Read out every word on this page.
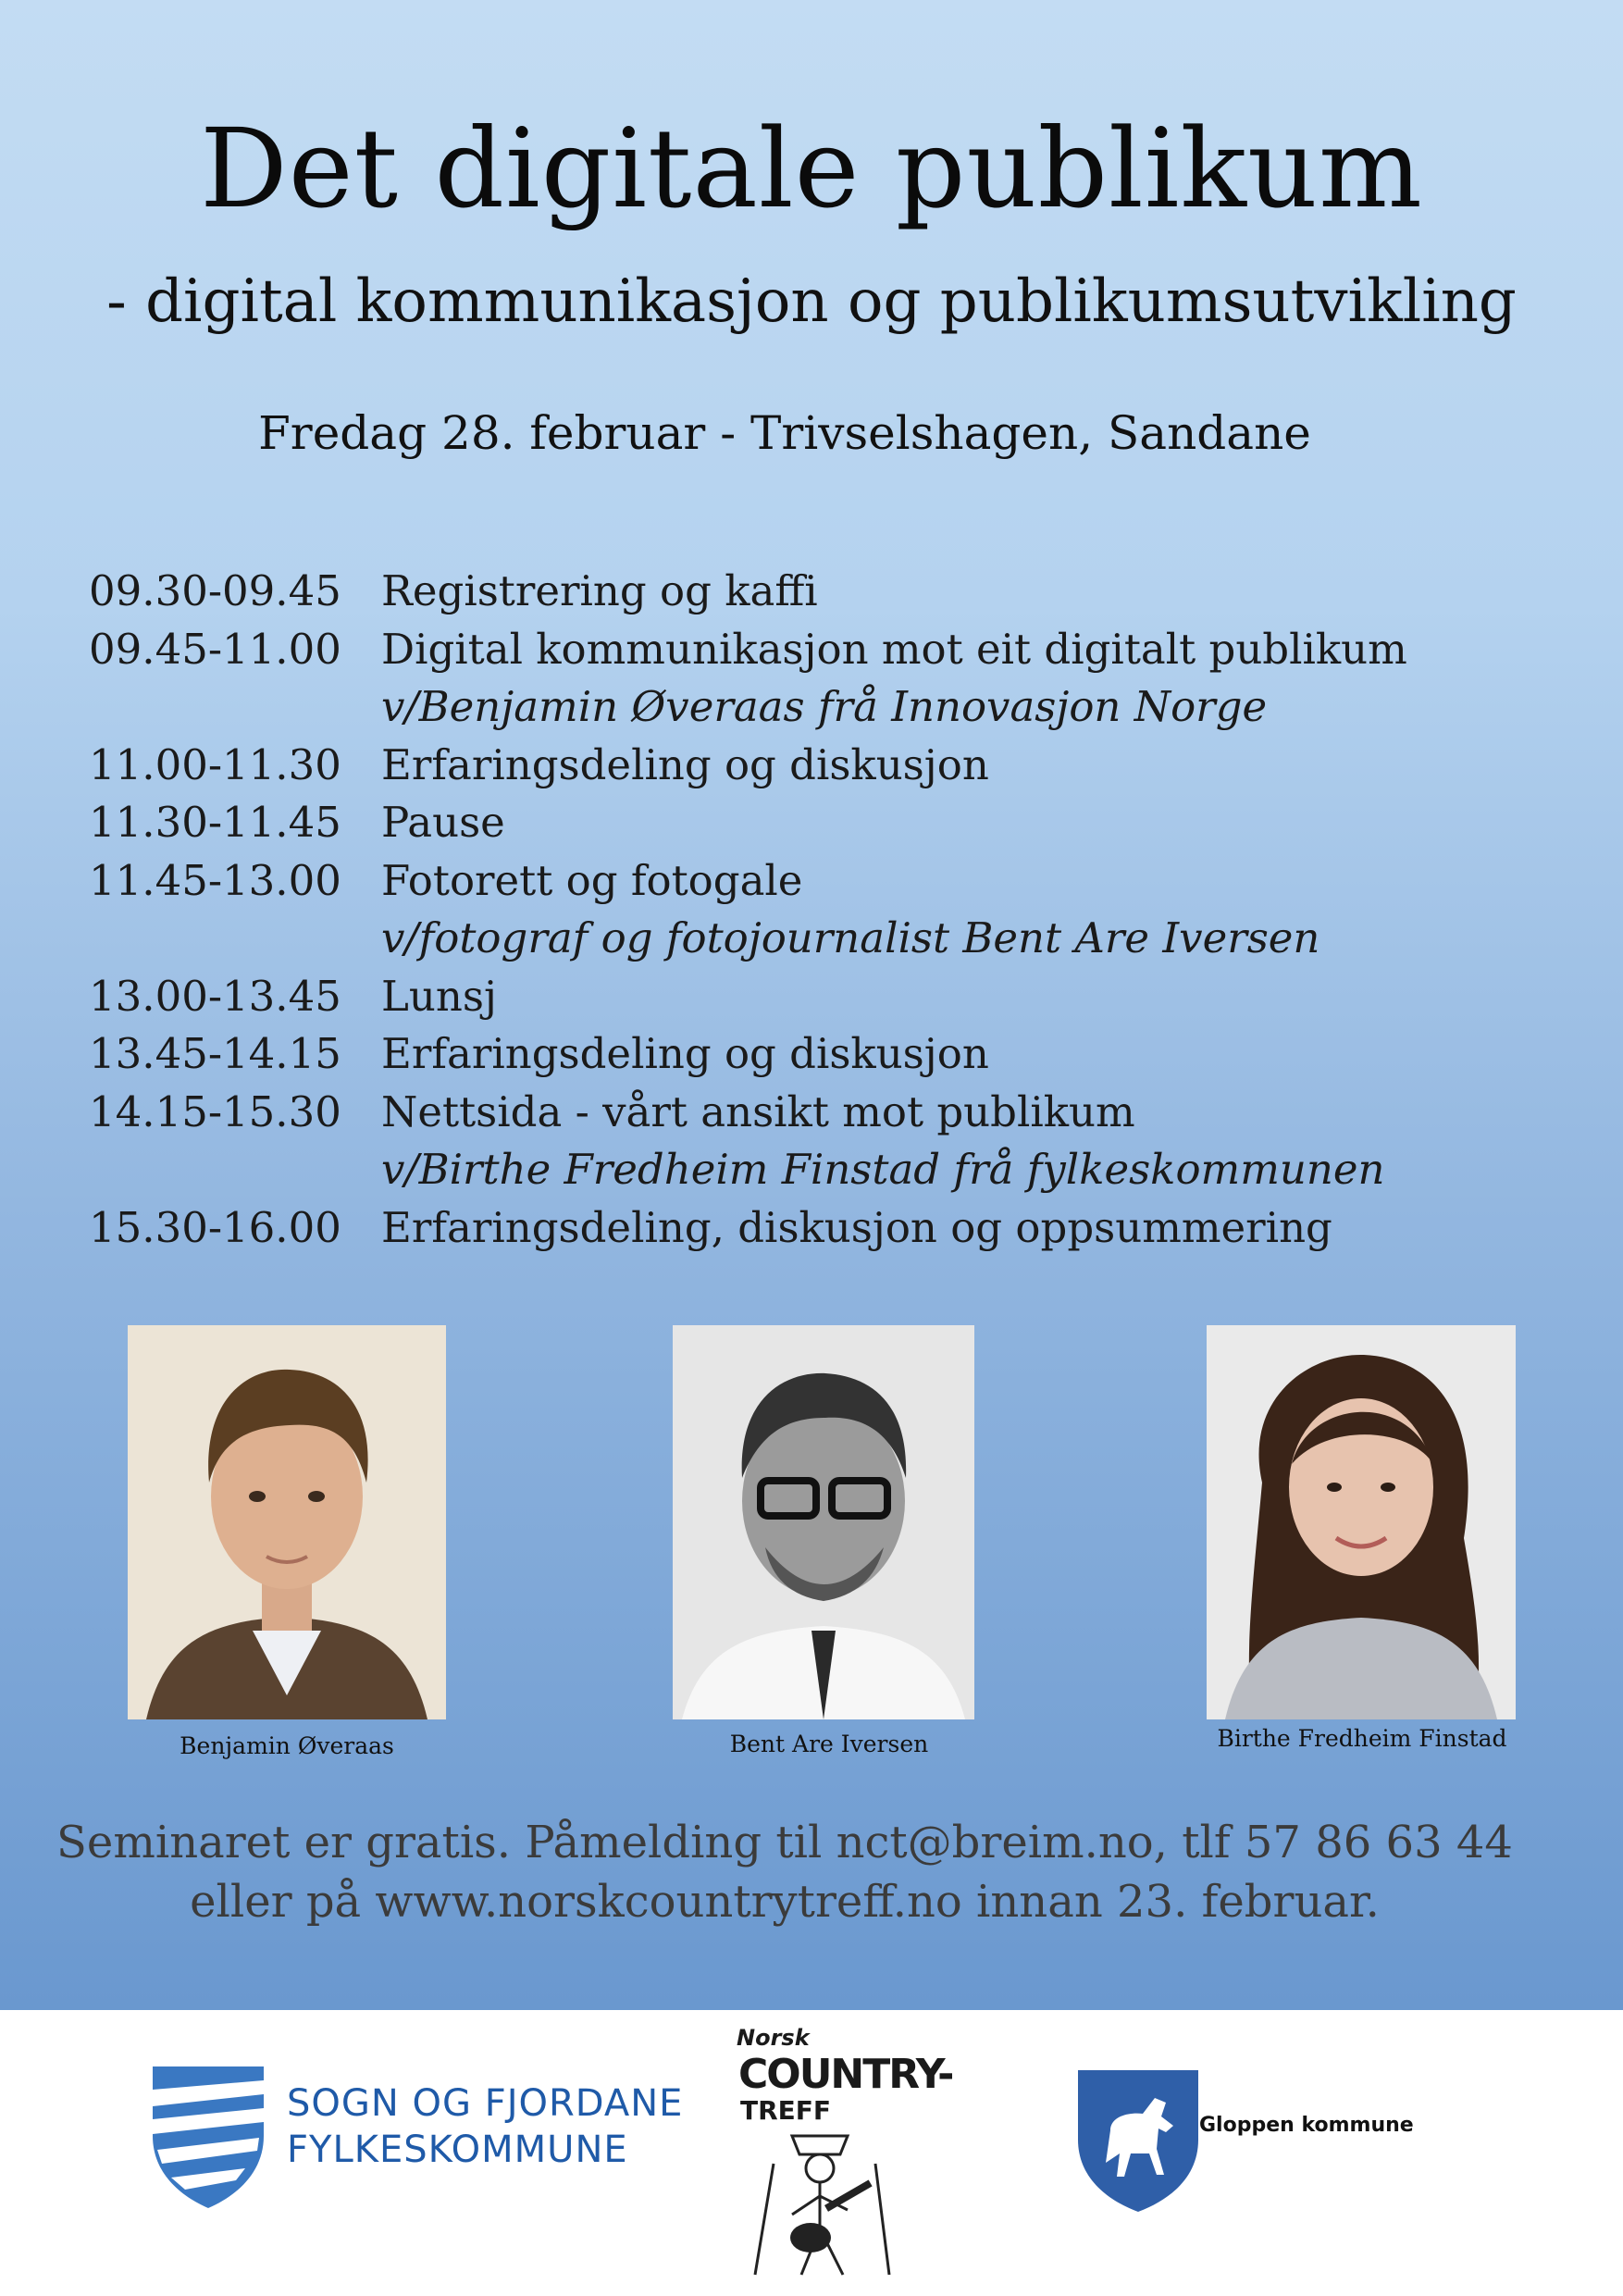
Det digitale publikum
- digital kommunikasjon og publikumsutvikling
Fredag 28. februar - Trivselshagen, Sandane
09.30-09.45 Registrering og kaffi
09.45-11.00 Digital kommunikasjon mot eit digitalt publikum
v/Benjamin Øveraas frå Innovasjon Norge
11.00-11.30 Erfaringsdeling og diskusjon
11.30-11.45 Pause
11.45-13.00 Fotorett og fotogale
v/fotograf og fotojournalist Bent Are Iversen
13.00-13.45 Lunsj
13.45-14.15 Erfaringsdeling og diskusjon
14.15-15.30 Nettsida - vårt ansikt mot publikum
v/Birthe Fredheim Finstad frå fylkeskommunen
15.30-16.00 Erfaringsdeling, diskusjon og oppsummering
Benjamin Øveraas	Bent Are Iversen	Birthe Fredheim Finstad
Seminaret er gratis. Påmelding til nct@breim.no, tlf 57 86 63 44
eller på www.norskcountrytreff.no innan 23. februar.
SOGN OG FJORDANE
FYLKESKOMMUNE
Norsk
COUNTRY-
TREFF	Gloppen kommune
